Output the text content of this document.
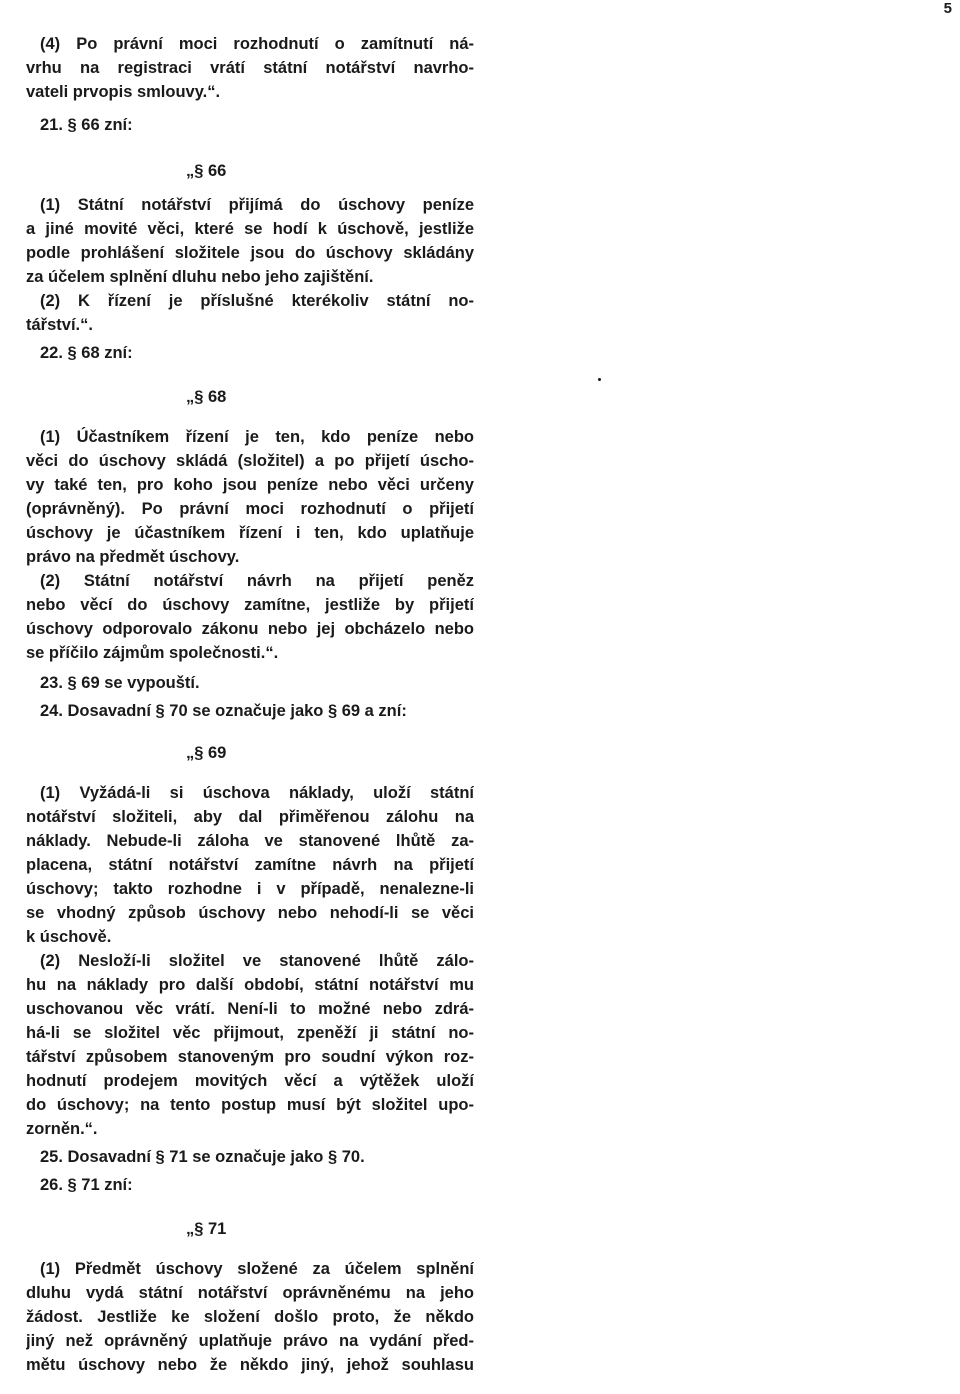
5
(4) Po právní moci rozhodnutí o zamítnutí ná-
vrhu na registraci vrátí státní notářství navrho-
vateli prvopis smlouvy.“.
21. § 66 zní:
„§ 66
(1) Státní notářství přijímá do úschovy peníze
a jiné movité věci, které se hodí k úschově, jestliže
podle prohlášení složitele jsou do úschovy skládány
za účelem splnění dluhu nebo jeho zajištění.
(2) K řízení je příslušné kterékoliv státní no-
tářství.“.
22. § 68 zní:
„§ 68
(1) Účastníkem řízení je ten, kdo peníze nebo
věci do úschovy skládá (složitel) a po přijetí úscho-
vy také ten, pro koho jsou peníze nebo věci určeny
(oprávněný). Po právní moci rozhodnutí o přijetí
úschovy je účastníkem řízení i ten, kdo uplatňuje
právo na předmět úschovy.
(2) Státní notářství návrh na přijetí peněz
nebo věcí do úschovy zamítne, jestliže by přijetí
úschovy odporovalo zákonu nebo jej obcházelo nebo
se příčilo zájmům společnosti.“.
23. § 69 se vypouští.
24. Dosavadní § 70 se označuje jako § 69 a zní:
„§ 69
(1) Vyžádá-li si úschova náklady, uloží státní
notářství složiteli, aby dal přiměřenou zálohu na
náklady. Nebude-li záloha ve stanovené lhůtě za-
placena, státní notářství zamítne návrh na přijetí
úschovy; takto rozhodne i v případě, nenalezne-li
se vhodný způsob úschovy nebo nehodí-li se věci
k úschově.
(2) Nesloží-li složitel ve stanovené lhůtě zálo-
hu na náklady pro další období, státní notářství mu
uschovanou věc vrátí. Není-li to možné nebo zdrá-
há-li se složitel věc přijmout, zpeněží ji státní no-
tářství způsobem stanoveným pro soudní výkon roz-
hodnutí prodejem movitých věcí a výtěžek uloží
do úschovy; na tento postup musí být složitel upo-
zorněn.“.
25. Dosavadní § 71 se označuje jako § 70.
26. § 71 zní:
„§ 71
(1) Předmět úschovy složené za účelem splnění
dluhu vydá státní notářství oprávněnému na jeho
žádost. Jestliže ke složení došlo proto, že někdo
jiný než oprávněný uplatňuje právo na vydání před-
mětu úschovy nebo že někdo jiný, jehož souhlasu
